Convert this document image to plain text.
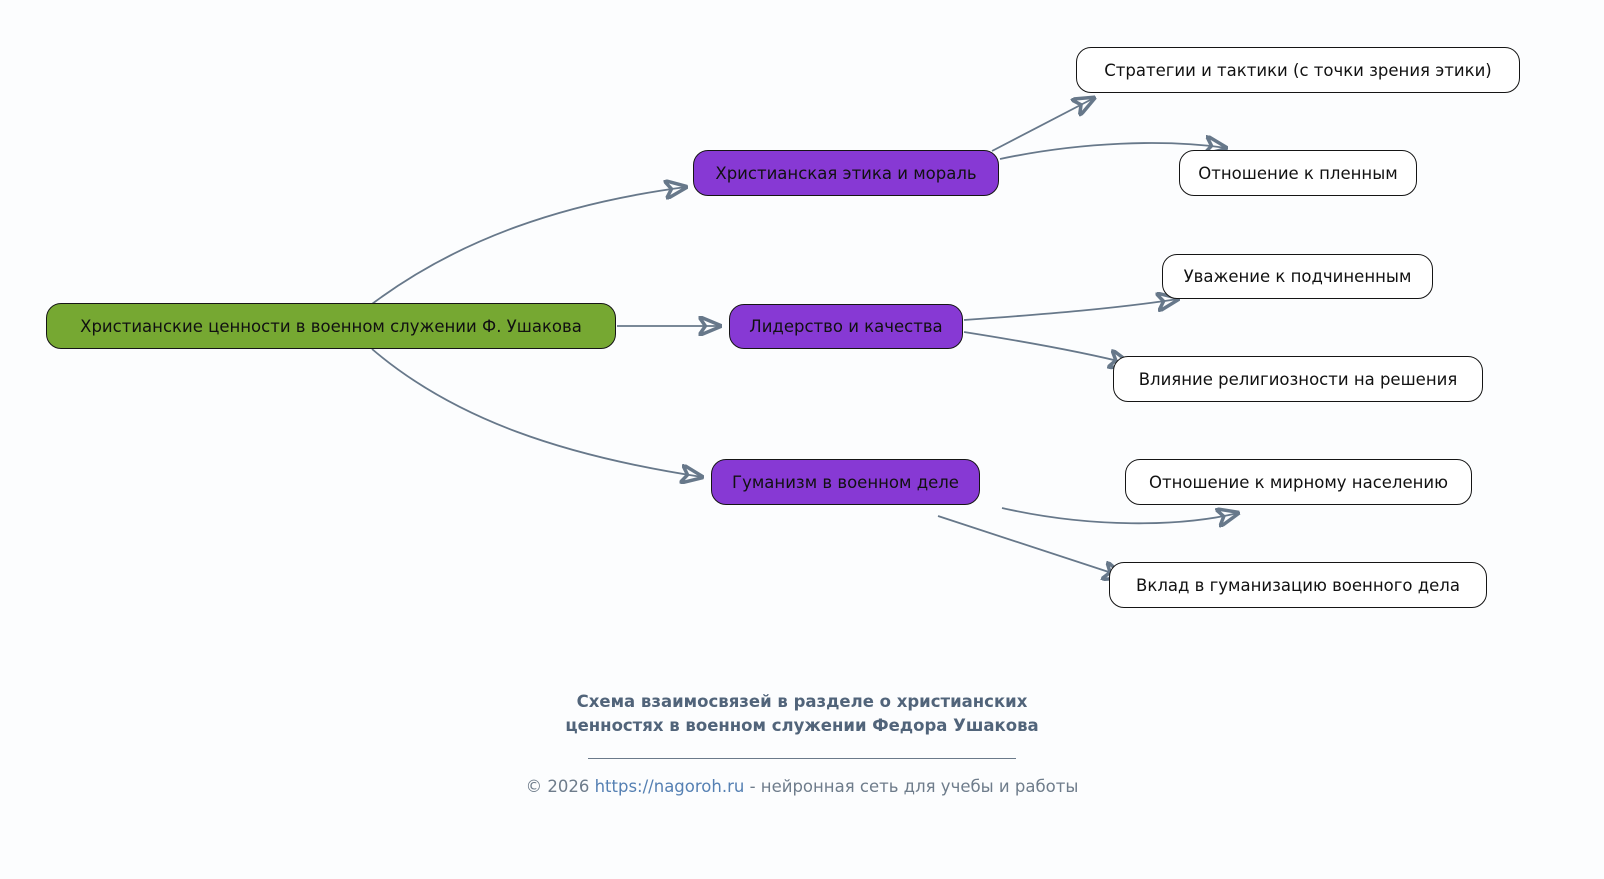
Христианские ценности в военном служении Ф. Ушакова
Христианская этика и мораль
Лидерство и качества
Гуманизм в военном деле
Стратегии и тактики (с точки зрения этики)
Отношение к пленным
Уважение к подчиненным
Влияние религиозности на решения
Отношение к мирному населению
Вклад в гуманизацию военного дела
Схема взаимосвязей в разделе о христианских
ценностях в военном служении Федора Ушакова
© 2026 https://nagoroh.ru - нейронная сеть для учебы и работы
